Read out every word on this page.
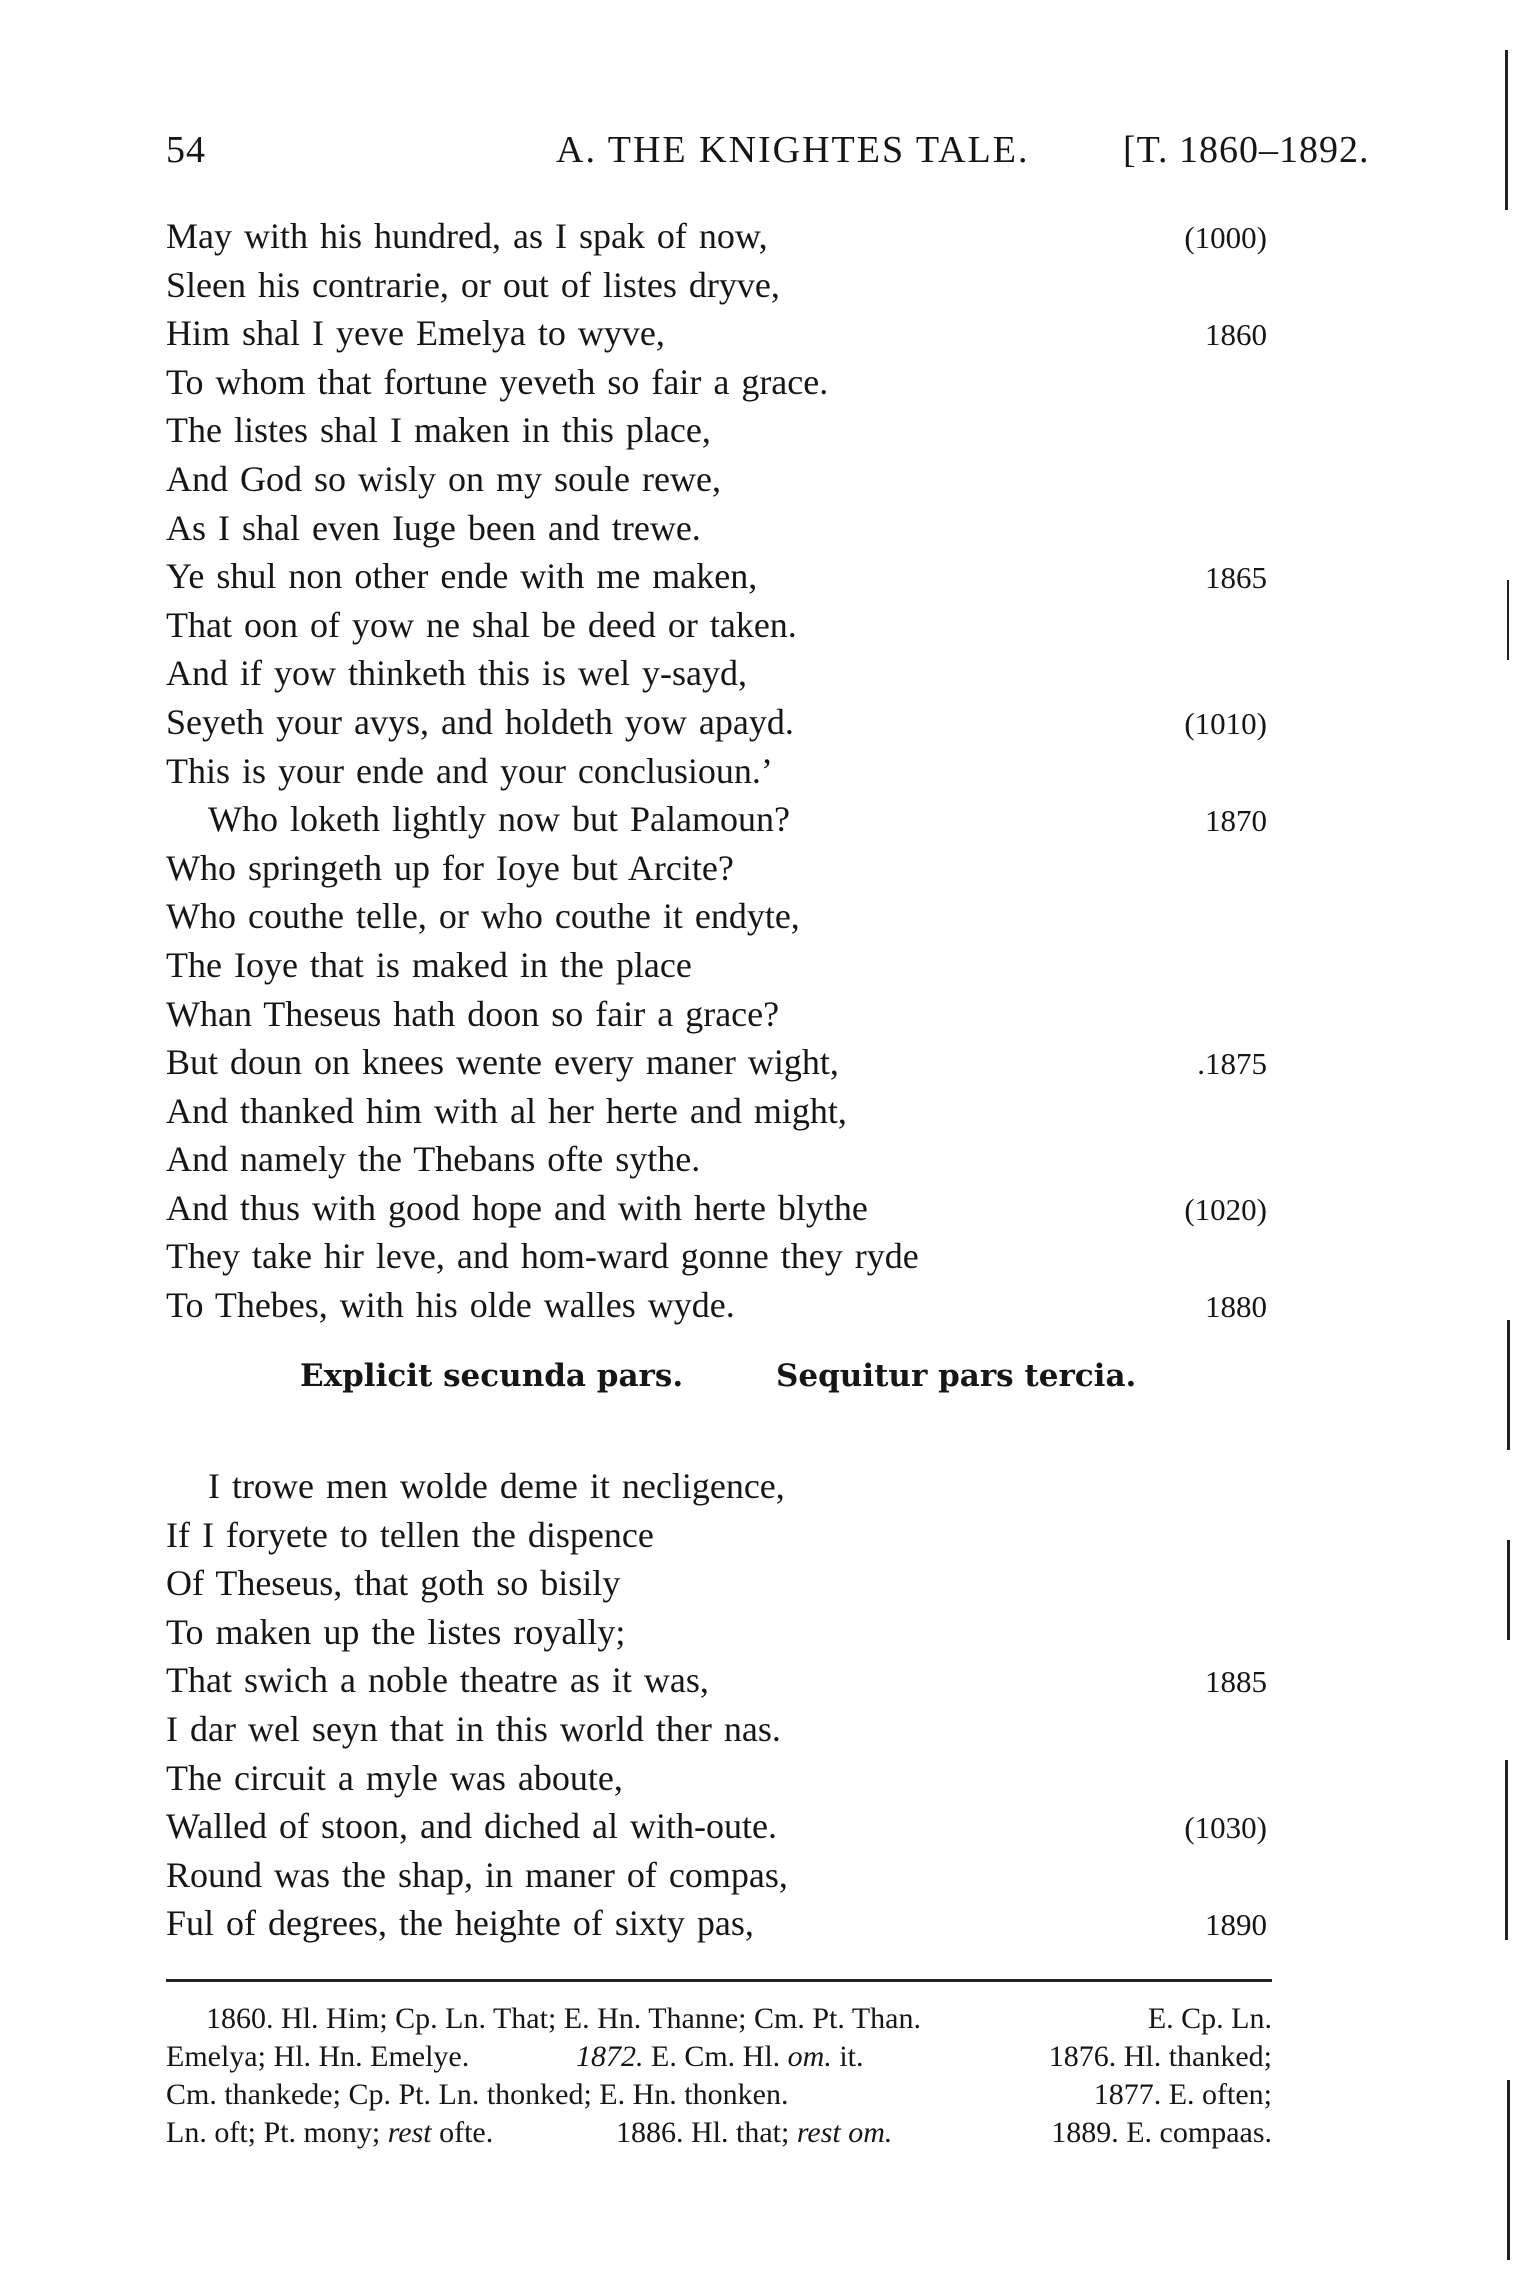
54	A. THE KNIGHTES TALE. [T. 1860–1892.
May with his hundred, as I spak of now,	(1000)
Sleen his contrarie, or out of listes dryve,
Him shal I yeve Emelya to wyve,	1860
To whom that fortune yeveth so fair a grace.
The listes shal I maken in this place,
And God so wisly on my soule rewe,
As I shal even Iuge been and trewe.
Ye shul non other ende with me maken,	1865
That oon of yow ne shal be deed or taken.
And if yow thinketh this is wel y-sayd,
Seyeth your avys, and holdeth yow apayd.	(1010)
This is your ende and your conclusioun.’
Who loketh lightly now but Palamoun?	1870
Who springeth up for Ioye but Arcite?
Who couthe telle, or who couthe it endyte,
The Ioye that is maked in the place
Whan Theseus hath doon so fair a grace?
But doun on knees wente every maner wight,	.1875
And thanked him with al her herte and might,
And namely the Thebans ofte sythe.
And thus with good hope and with herte blythe	(1020)
They take hir leve, and hom-ward gonne they ryde
To Thebes, with his olde walles wyde.	1880
Explicit secunda pars.	Sequitur pars tercia.
I trowe men wolde deme it necligence,
If I foryete to tellen the dispence
Of Theseus, that goth so bisily
To maken up the listes royally;
That swich a noble theatre as it was,	1885
I dar wel seyn that in this world ther nas.
The circuit a myle was aboute,
Walled of stoon, and diched al with-oute.	(1030)
Round was the shap, in maner of compas,
Ful of degrees, the heighte of sixty pas,	1890
1860. Hl. Him; Cp. Ln. That; E. Hn. Thanne; Cm. Pt. Than.	E. Cp. Ln.
Emelya; Hl. Hn. Emelye.	1872. E. Cm. Hl. om. it.	1876. Hl. thanked;
Cm. thankede; Cp. Pt. Ln. thonked; E. Hn. thonken.	1877. E. often;
Ln. oft; Pt. mony; rest ofte.	1886. Hl. that; rest om.	1889. E. compaas.
